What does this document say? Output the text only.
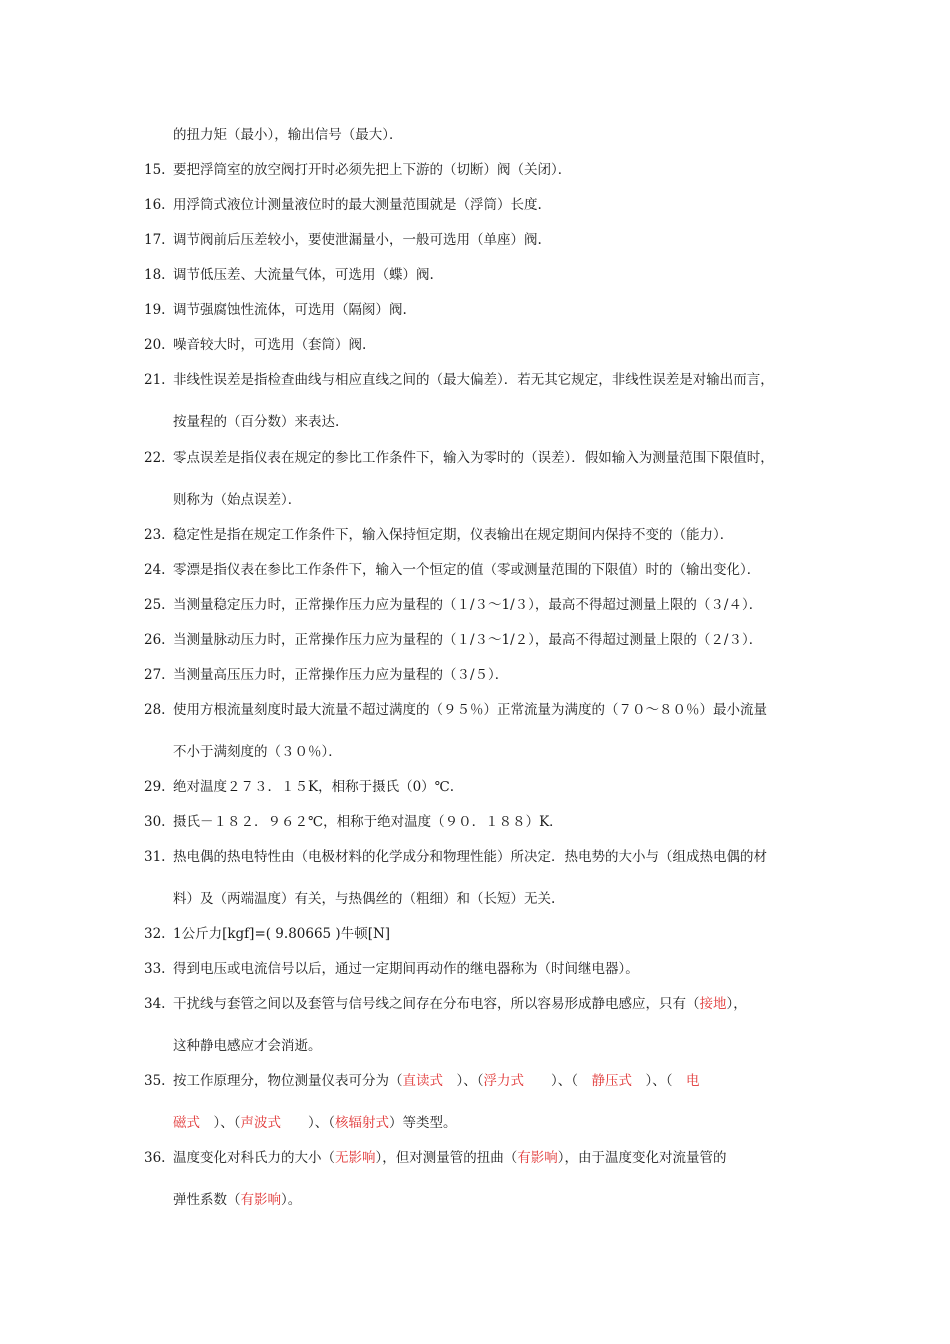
的扭力矩（最小），输出信号（最大）．
15. 要把浮筒室的放空阀打开时必须先把上下游的（切断）阀（关闭）．
16. 用浮筒式液位计测量液位时的最大测量范围就是（浮筒）长度.
17. 调节阀前后压差较小，要使泄漏量小，一般可选用（单座）阀.
18. 调节低压差、大流量气体，可选用（蝶）阀.
19. 调节强腐蚀性流体，可选用（隔阂）阀.
20. 噪音较大时，可选用（套筒）阀.
21. 非线性误差是指检查曲线与相应直线之间的（最大偏差）．若无其它规定，非线性误差是对输出而言，
按量程的（百分数）来表达.
22. 零点误差是指仪表在规定的参比工作条件下，输入为零时的（误差）．假如输入为测量范围下限值时，
则称为（始点误差）．
23. 稳定性是指在规定工作条件下，输入保持恒定期，仪表输出在规定期间内保持不变的（能力）．
24. 零漂是指仪表在参比工作条件下，输入一个恒定的值（零或测量范围的下限值）时的（输出变化）．
25. 当测量稳定压力时，正常操作压力应为量程的（１/３～1/３），最高不得超过测量上限的（３/４）．
26. 当测量脉动压力时，正常操作压力应为量程的（１/３～1/２），最高不得超过测量上限的（２/３）．
27. 当测量高压压力时，正常操作压力应为量程的（３/５）．
28. 使用方根流量刻度时最大流量不超过满度的（９５％）正常流量为满度的（７０～８０％）最小流量
不小于满刻度的（３０％）．
29. 绝对温度２７３．１５K，相称于摄氏（0）℃.
30. 摄氏－１８２．９６２℃，相称于绝对温度（９０．１８８）K．
31. 热电偶的热电特性由（电极材料的化学成分和物理性能）所决定．热电势的大小与（组成热电偶的材
料）及（两端温度）有关，与热偶丝的（粗细）和（长短）无关.
32. 1公斤力[kgf]=( 9.80665 )牛顿[N]
33. 得到电压或电流信号以后，通过一定期间再动作的继电器称为（时间继电器）。
34. 干扰线与套管之间以及套管与信号线之间存在分布电容，所以容易形成静电感应，只有（接地），
这种静电感应才会消逝。
35. 按工作原理分，物位测量仪表可分为（直读式　）、（浮力式　　）、（　静压式　）、（　电
磁式　）、（声波式　　）、（核辐射式）等类型。
36. 温度变化对科氏力的大小（无影响），但对测量管的扭曲（有影响），由于温度变化对流量管的
弹性系数（有影响）。
